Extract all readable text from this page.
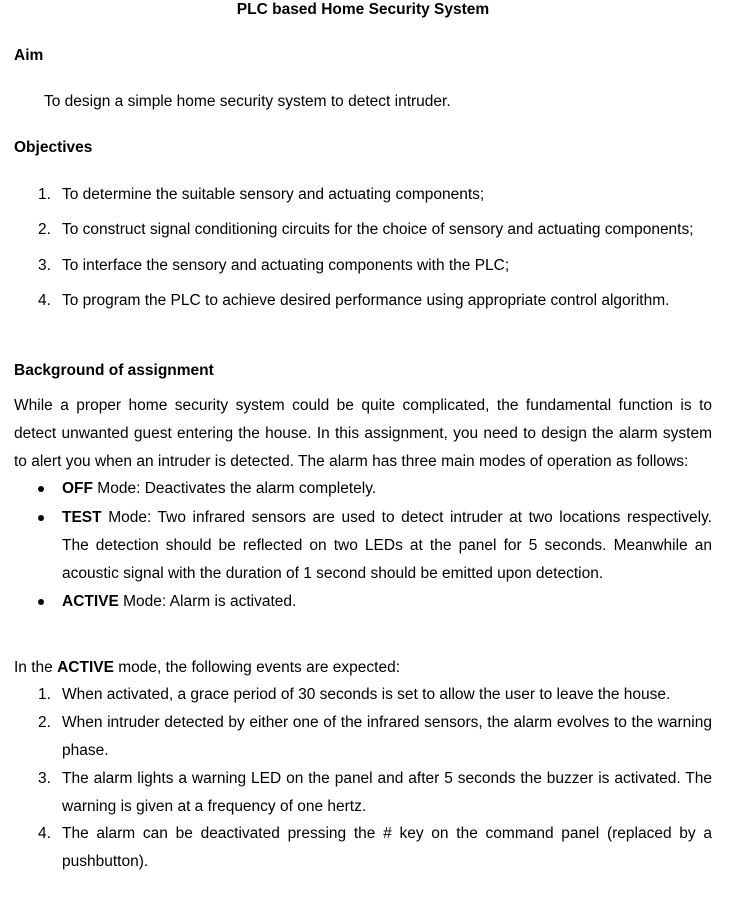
PLC based Home Security System
Aim
To design a simple home security system to detect intruder.
Objectives
1. To determine the suitable sensory and actuating components;
2. To construct signal conditioning circuits for the choice of sensory and actuating components;
3. To interface the sensory and actuating components with the PLC;
4. To program the PLC to achieve desired performance using appropriate control algorithm.
Background of assignment
While a proper home security system could be quite complicated, the fundamental function is to
detect unwanted guest entering the house. In this assignment, you need to design the alarm system
to alert you when an intruder is detected. The alarm has three main modes of operation as follows:
OFF Mode: Deactivates the alarm completely.
TEST Mode: Two infrared sensors are used to detect intruder at two locations respectively.
The detection should be reflected on two LEDs at the panel for 5 seconds. Meanwhile an
acoustic signal with the duration of 1 second should be emitted upon detection.
ACTIVE Mode: Alarm is activated.
In the ACTIVE mode, the following events are expected:
1. When activated, a grace period of 30 seconds is set to allow the user to leave the house.
2. When intruder detected by either one of the infrared sensors, the alarm evolves to the warning
phase.
3. The alarm lights a warning LED on the panel and after 5 seconds the buzzer is activated. The
warning is given at a frequency of one hertz.
4. The alarm can be deactivated pressing the # key on the command panel (replaced by a
pushbutton).
